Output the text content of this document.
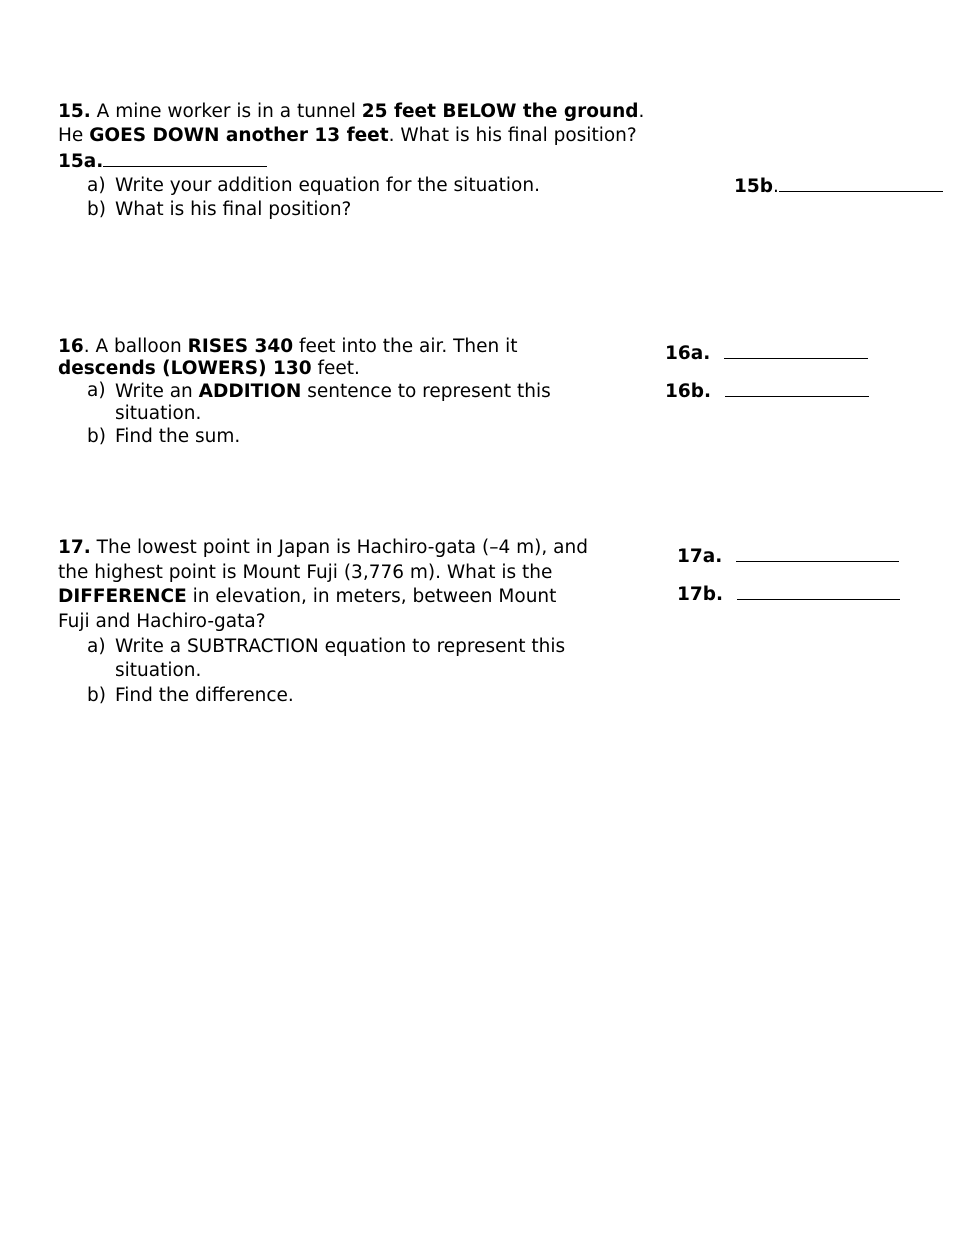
15. A mine worker is in a tunnel 25 feet BELOW the ground.
He GOES DOWN another 13 feet. What is his final position?
15a.
a) Write your addition equation for the situation.
b) What is his final position?
15b.
16. A balloon RISES 340 feet into the air. Then it
descends (LOWERS) 130 feet.
a) Write an ADDITION sentence to represent this
situation.
b) Find the sum.
16a.
16b.
17. The lowest point in Japan is Hachiro-gata (–4 m), and
the highest point is Mount Fuji (3,776 m). What is the
DIFFERENCE in elevation, in meters, between Mount
Fuji and Hachiro-gata?
a) Write a SUBTRACTION equation to represent this
situation.
b) Find the difference.
17a.
17b.
